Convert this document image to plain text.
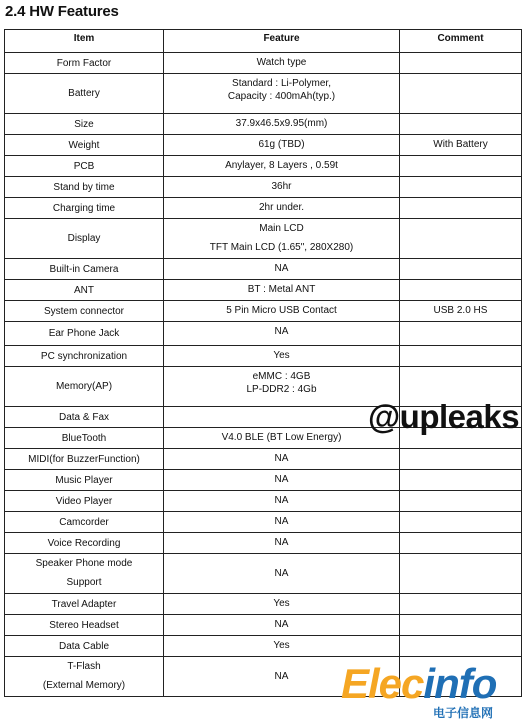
2.4 HW Features
Item	Feature	Comment
Form Factor	Watch type	

Battery	Standard : Li-Polymer,
Capacity : 400mAh(typ.)	

Size	37.9x46.5x9.95(mm)	

Weight	61g (TBD)	With Battery
PCB	Anylayer, 8 Layers , 0.59t	

Stand by time	36hr	

Charging time	2hr under.	

Display	Main LCD
TFT Main LCD (1.65", 280X280)	

Built-in Camera	NA	

ANT	BT : Metal ANT	

System connector	5 Pin Micro USB Contact	USB 2.0 HS
Ear Phone Jack	NA	

PC synchronization	Yes	

Memory(AP)	eMMC : 4GB
LP-DDR2 : 4Gb	

Data & Fax	

BlueTooth	V4.0 BLE (BT Low Energy)	

MIDI(for BuzzerFunction)	NA	

Music Player	NA	

Video Player	NA	

Camcorder	NA	

Voice Recording	NA	

Speaker Phone mode
Support	NA	

Travel Adapter	Yes	

Stereo Headset	NA	

Data Cable	Yes	

T-Flash
(External Memory)	NA	

@upleaks
Elecinfo
电子信息网
